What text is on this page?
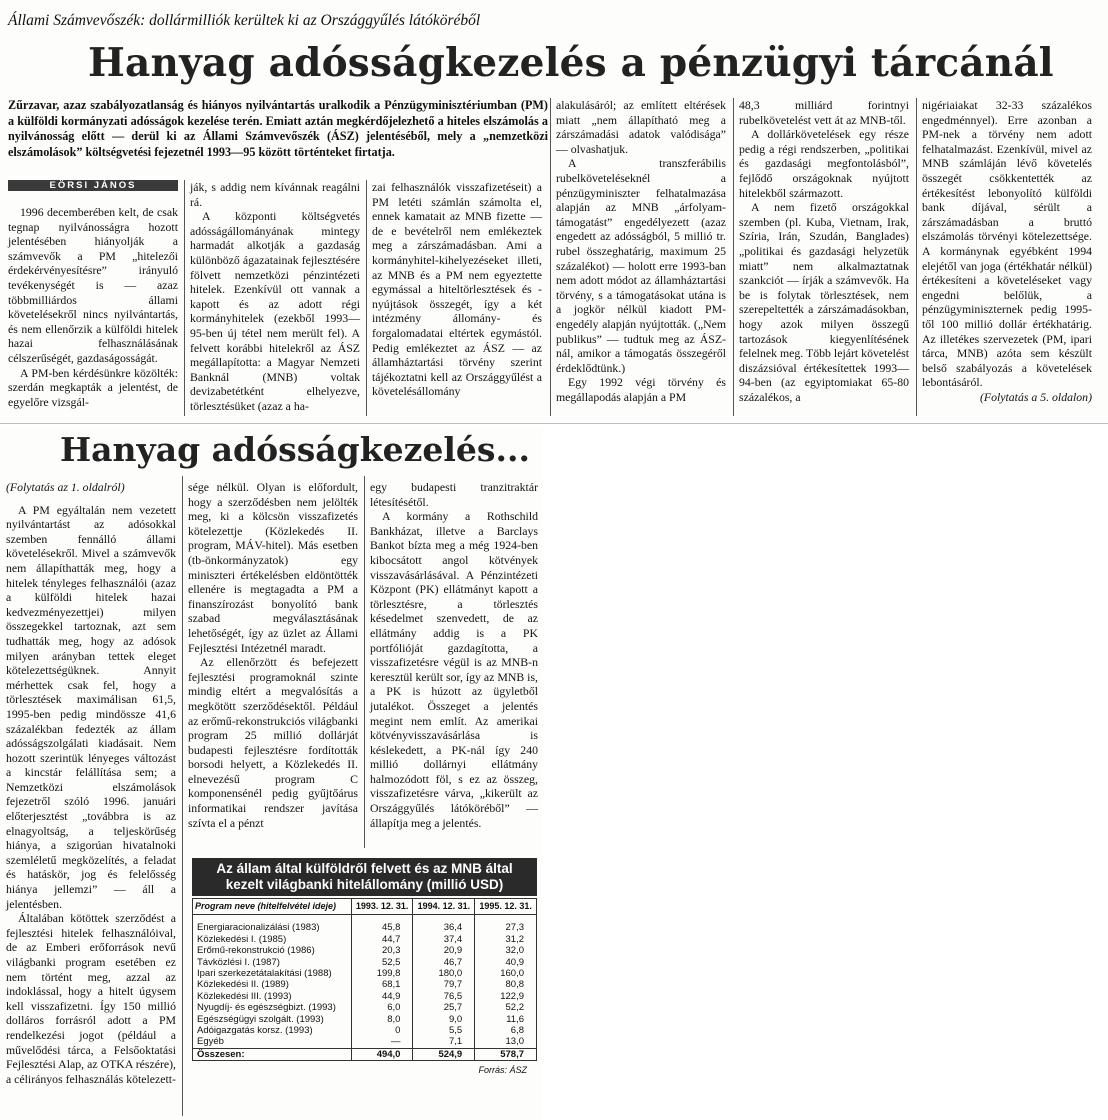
Állami Számvevőszék: dollármilliók kerültek ki az Országgyűlés látóköréből
Hanyag adósságkezelés a pénzügyi tárcánál
Zűrzavar, azaz szabályozatlanság és hiányos nyilvántartás uralkodik a Pénzügyminisztériumban (PM) a külföldi kormányzati adósságok kezelése terén. Emiatt aztán megkérdőjelezhető a hiteles elszámolás a nyilvánosság előtt — derül ki az Állami Számvevőszék (ÁSZ) jelentéséből, mely a „nemzetközi elszámolások” költségvetési fejezetnél 1993—95 között történteket firtatja.
EÖRSI JÁNOS

1996 decemberében kelt, de csak tegnap nyilvánosságra hozott jelentésében hiányolják a számvevők a PM „hitelezői érdekérvényesítésre” irányuló tevékenységét is — azaz többmilliárdos állami követelésekről nincs nyilvántartás, és nem ellenőrzik a külföldi hitelek hazai felhasználásának célszerűségét, gazdaságosságát.

A PM-ben kérdésünkre közölték: szerdán megkapták a jelentést, de egyelőre vizsgál-

ják, s addig nem kívánnak reagálni rá.

A központi költségvetés adósságállományának mintegy harmadát alkotják a gazdaság különböző ágazatainak fejlesztésére fölvett nemzetközi pénzintézeti hitelek. Ezenkívül ott vannak a kapott és az adott régi kormányhitelek (ezekből 1993—95-ben új tétel nem merült fel). A felvett korábbi hitelekről az ÁSZ megállapította: a Magyar Nemzeti Banknál (MNB) voltak devizabetétként elhelyezve, törlesztésüket (azaz a ha-

zai felhasználók visszafizetéseit) a PM letéti számlán számolta el, ennek kamatait az MNB fizette — de e bevételről nem emlékeztek meg a zárszámadásban. Ami a kormányhitel-kihelyezéseket illeti, az MNB és a PM nem egyeztette egymással a hiteltörlesztések és -nyújtások összegét, így a két intézmény állomány- és forgalomadatai eltértek egymástól. Pedig emlékeztet az ÁSZ — az államháztartási törvény szerint tájékoztatni kell az Országgyűlést a követelésállomány

alakulásáról; az említett eltérések miatt „nem állapítható meg a zárszámadási adatok valódisága” — olvashatjuk.

A transzferábilis rubelköveteléseknél a pénzügyminiszter felhatalmazása alapján az MNB „árfolyam-támogatást” engedélyezett (azaz engedett az adósságból, 5 millió tr. rubel összeghatárig, maximum 25 százalékot) — holott erre 1993-ban nem adott módot az államháztartási törvény, s a támogatásokat utána is a jogkör nélkül kiadott PM-engedély alapján nyújtották. („Nem publikus” — tudtuk meg az ÁSZ-nál, amikor a támogatás összegéről érdeklődtünk.)

Egy 1992 végi törvény és megállapodás alapján a PM

48,3 milliárd forintnyi rubelkövetelést vett át az MNB-től.

A dollárkövetelések egy része pedig a régi rendszerben, „politikai és gazdasági megfontolásból”, fejlődő országoknak nyújtott hitelekből származott.

A nem fizető országokkal szemben (pl. Kuba, Vietnam, Irak, Szíria, Irán, Szudán, Banglades) „politikai és gazdasági helyzetük miatt” nem alkalmaztatnak szankciót — írják a számvevők. Ha be is folytak törlesztések, nem szerepeltették a zárszámadásokban, hogy azok milyen összegű tartozások kiegyenlítésének felelnek meg. Több lejárt követelést diszázsióval értékesítettek 1993—94-ben (az egyiptomiakat 65-80 százalékos, a

nigériaiakat 32-33 százalékos engedménnyel). Erre azonban a PM-nek a törvény nem adott felhatalmazást. Ezenkívül, mivel az MNB számláján lévő követelés összegét csökkentették az értékesítést lebonyolító külföldi bank díjával, sérült a zárszámadásban a bruttó elszámolás törvényi kötelezettsége. A kormánynak egyébként 1994 elejétől van joga (értékhatár nélkül) értékesíteni a követeléseket vagy engedni belőlük, a pénzügyminiszternek pedig 1995-től 100 millió dollár értékhatárig. Az illetékes szervezetek (PM, ipari tárca, MNB) azóta sem készült belső szabályozás a követelések lebontásáról.

(Folytatás a 5. oldalon)

Hanyag adósságkezelés...

(Folytatás az 1. oldalról)

A PM egyáltalán nem vezetett nyilvántartást az adósokkal szemben fennálló állami követelésekről. Mivel a számvevők nem állapíthatták meg, hogy a hitelek tényleges felhasználói (azaz a külföldi hitelek hazai kedvezményezettjei) milyen összegekkel tartoznak, azt sem tudhatták meg, hogy az adósok milyen arányban tettek eleget kötelezettségüknek. Annyit mérhettek csak fel, hogy a törlesztések maximálisan 61,5, 1995-ben pedig mindössze 41,6 százalékban fedezték az állam adósságszolgálati kiadásait. Nem hozott szerintük lényeges változást a kincstár felállítása sem; a Nemzetközi elszámolások fejezetről szóló 1996. januári előterjesztést „továbbra is az elnagyoltság, a teljeskörűség hiánya, a szigorúan hivatalnoki szemléletű megközelítés, a feladat és hatáskör, jog és felelősség hiánya jellemzi” — áll a jelentésben.

Általában kötöttek szerződést a fejlesztési hitelek felhasználóival, de az Emberi erőforrások nevű világbanki program esetében ez nem történt meg, azzal az indoklással, hogy a hitelt úgysem kell visszafizetni. Így 150 millió dolláros forrásról adott a PM rendelkezési jogot (például a művelődési tárca, a Felsőoktatási Fejlesztési Alap, az OTKA részére), a célirányos felhasználás kötelezett-

sége nélkül. Olyan is előfordult, hogy a szerződésben nem jelölték meg, ki a kölcsön visszafizetés kötelezettje (Közlekedés II. program, MÁV-hitel). Más esetben (tb-önkormányzatok) egy miniszteri értékelésben eldöntötték ellenére is megtagadta a PM a finanszírozást bonyolító bank szabad megválasztásának lehetőségét, így az üzlet az Állami Fejlesztési Intézetnél maradt.

Az ellenőrzött és befejezett fejlesztési programoknál szinte mindig eltért a megvalósítás a megkötött szerződésektől. Például az erőmű-rekonstrukciós világbanki program 25 millió dollárját budapesti fejlesztésre fordították borsodi helyett, a Közlekedés II. elnevezésű program C komponensénél pedig gyűjtőárus informatikai rendszer javítása szívta el a pénzt

egy budapesti tranzitraktár létesítésétől.

A kormány a Rothschild Bankházat, illetve a Barclays Bankot bízta meg a még 1924-ben kibocsátott angol kötvények visszavásárlásával. A Pénzintézeti Központ (PK) ellátmányt kapott a törlesztésre, a törlesztés késedelmet szenvedett, de az ellátmány addig is a PK portfólióját gazdagította, a visszafizetésre végül is az MNB-n keresztül került sor, így az MNB is, a PK is húzott az ügyletből jutalékot. Összeget a jelentés megint nem említ. Az amerikai kötvényvisszavásárlása is késlekedett, a PK-nál így 240 millió dollárnyi ellátmány halmozódott föl, s ez az összeg, visszafizetésre várva, „kikerült az Országgyűlés látóköréből” — állapítja meg a jelentés.

Az állam által külföldről felvett és az MNB által kezelt világbanki hitelállomány (millió USD)
Program neve (hitelfelvétel ideje)	1993. 12. 31.	1994. 12. 31.	1995. 12. 31.
Energiaracionalizálási (1983)	45,8	36,4	27,3
Közlekedési I. (1985)	44,7	37,4	31,2
Erőmű-rekonstrukció (1986)	20,3	20,9	32,0
Távközlési I. (1987)	52,5	46,7	40,9
Ipari szerkezetátalakítási (1988)	199,8	180,0	160,0
Közlekedési II. (1989)	68,1	79,7	80,8
Közlekedési III. (1993)	44,9	76,5	122,9
Nyugdíj- és egészségbizt. (1993)	6,0	25,7	52,2
Egészségügyi szolgált. (1993)	8,0	9,0	11,6
Adóigazgatás korsz. (1993)	0	5,5	6,8
Egyéb	—	7,1	13,0
Összesen:	494,0	524,9	578,7
Forrás: ÁSZ
